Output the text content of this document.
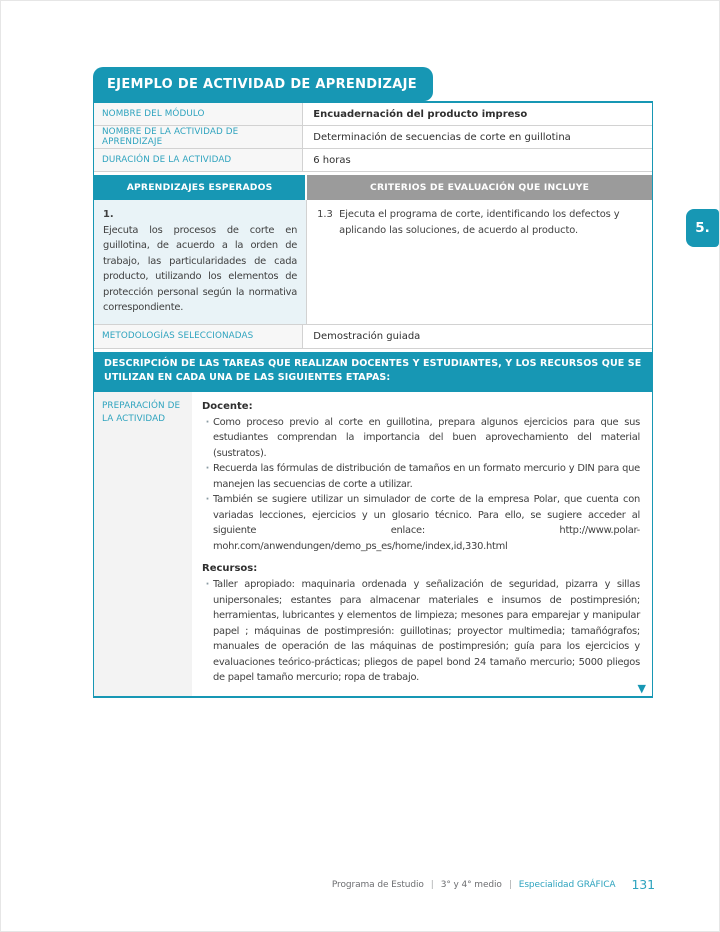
EJEMPLO DE ACTIVIDAD DE APRENDIZAJE
5.
NOMBRE DEL MÓDULO	Encuadernación del producto impreso
NOMBRE DE LA ACTIVIDAD DE APRENDIZAJE	Determinación de secuencias de corte en guillotina
DURACIÓN DE LA ACTIVIDAD	6 horas
APRENDIZAJES ESPERADOS	CRITERIOS DE EVALUACIÓN QUE INCLUYE
1.

Ejecuta los procesos de corte en guillotina, de acuerdo a la orden de trabajo, las particularidades de cada producto, utilizando los elementos de protección personal según la normativa correspondiente.

1.3 Ejecuta el programa de corte, identificando los defectos y aplicando las soluciones, de acuerdo al producto.
METODOLOGÍAS SELECCIONADAS	Demostración guiada
DESCRIPCIÓN DE LAS TAREAS QUE REALIZAN DOCENTES Y ESTUDIANTES, Y LOS RECURSOS QUE SE UTILIZAN EN CADA UNA DE LAS SIGUIENTES ETAPAS:
PREPARACIÓN DE LA ACTIVIDAD
Docente:
· Como proceso previo al corte en guillotina, prepara algunos ejercicios para que sus estudiantes comprendan la importancia del buen aprovechamiento del material (sustratos).
· Recuerda las fórmulas de distribución de tamaños en un formato mercurio y DIN para que manejen las secuencias de corte a utilizar.
· También se sugiere utilizar un simulador de corte de la empresa Polar, que cuenta con variadas lecciones, ejercicios y un glosario técnico. Para ello, se sugiere acceder al siguiente enlace: http://www.polar-mohr.com/anwendungen/demo_ps_es/home/index,id,330.html
Recursos:
· Taller apropiado: maquinaria ordenada y señalización de seguridad, pizarra y sillas unipersonales; estantes para almacenar materiales e insumos de postimpresión; herramientas, lubricantes y elementos de limpieza; mesones para emparejar y manipular papel ; máquinas de postimpresión: guillotinas; proyector multimedia; tamañógrafos; manuales de operación de las máquinas de postimpresión; guía para los ejercicios y evaluaciones teórico-prácticas; pliegos de papel bond 24 tamaño mercurio; 5000 pliegos de papel tamaño mercurio; ropa de trabajo.
▼
Programa de Estudio | 3° y 4° medio | Especialidad GRÁFICA 131
